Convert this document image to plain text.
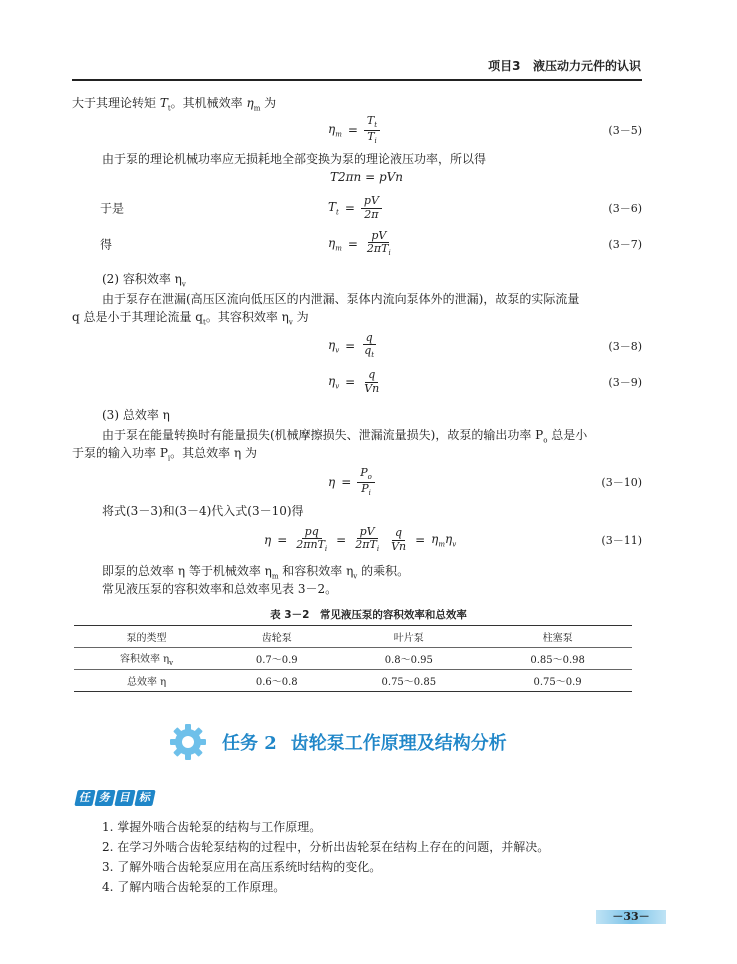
项目3 液压动力元件的认识
大于其理论转矩 $T_t$。其机械效率 $\eta_m$ 为
$\eta_m = \frac{T_t}{T_i}$	(3－5)
由于泵的理论机械功率应无损耗地全部变换为泵的理论液压功率，所以得
T2πn = pVn
于是	$T_t = \frac{pV}{2\pi}$	(3－6)
得	$\eta_m = \frac{pV}{2\pi T_i}$	(3－7)
(2) 容积效率 $\eta_v$
由于泵存在泄漏(高压区流向低压区的内泄漏、泵体内流向泵体外的泄漏)，故泵的实际流量
q 总是小于其理论流量 $q_t$。其容积效率 $\eta_v$ 为
$\eta_v = \frac{q}{q_t}$	(3－8)
$\eta_v = \frac{q}{Vn}$	(3－9)
(3) 总效率 η
由于泵在能量转换时有能量损失(机械摩擦损失、泄漏流量损失)，故泵的输出功率 $P_o$ 总是小
于泵的输入功率 $P_i$。其总效率 η 为
$\eta = \frac{P_o}{P_i}$	(3－10)
将式(3－3)和(3－4)代入式(3－10)得
$\eta = \frac{pq}{2\pi nT_i} = \frac{pV}{2\pi T_i} \frac{q}{Vn} = \eta_m\eta_v$	(3－11)
即泵的总效率 η 等于机械效率 $\eta_m$ 和容积效率 $\eta_v$ 的乘积。
常见液压泵的容积效率和总效率见表 3－2。
表 3－2　常见液压泵的容积效率和总效率
泵的类型	齿轮泵	叶片泵	柱塞泵
容积效率 $\eta_v$	0.7～0.9	0.8～0.95	0.85～0.98
总效率 η	0.6～0.8	0.75～0.85	0.75～0.9
任务 2 齿轮泵工作原理及结构分析
任 务 目 标
1. 掌握外啮合齿轮泵的结构与工作原理。
2. 在学习外啮合齿轮泵结构的过程中，分析出齿轮泵在结构上存在的问题，并解决。
3. 了解外啮合齿轮泵应用在高压系统时结构的变化。
4. 了解内啮合齿轮泵的工作原理。
－33－
